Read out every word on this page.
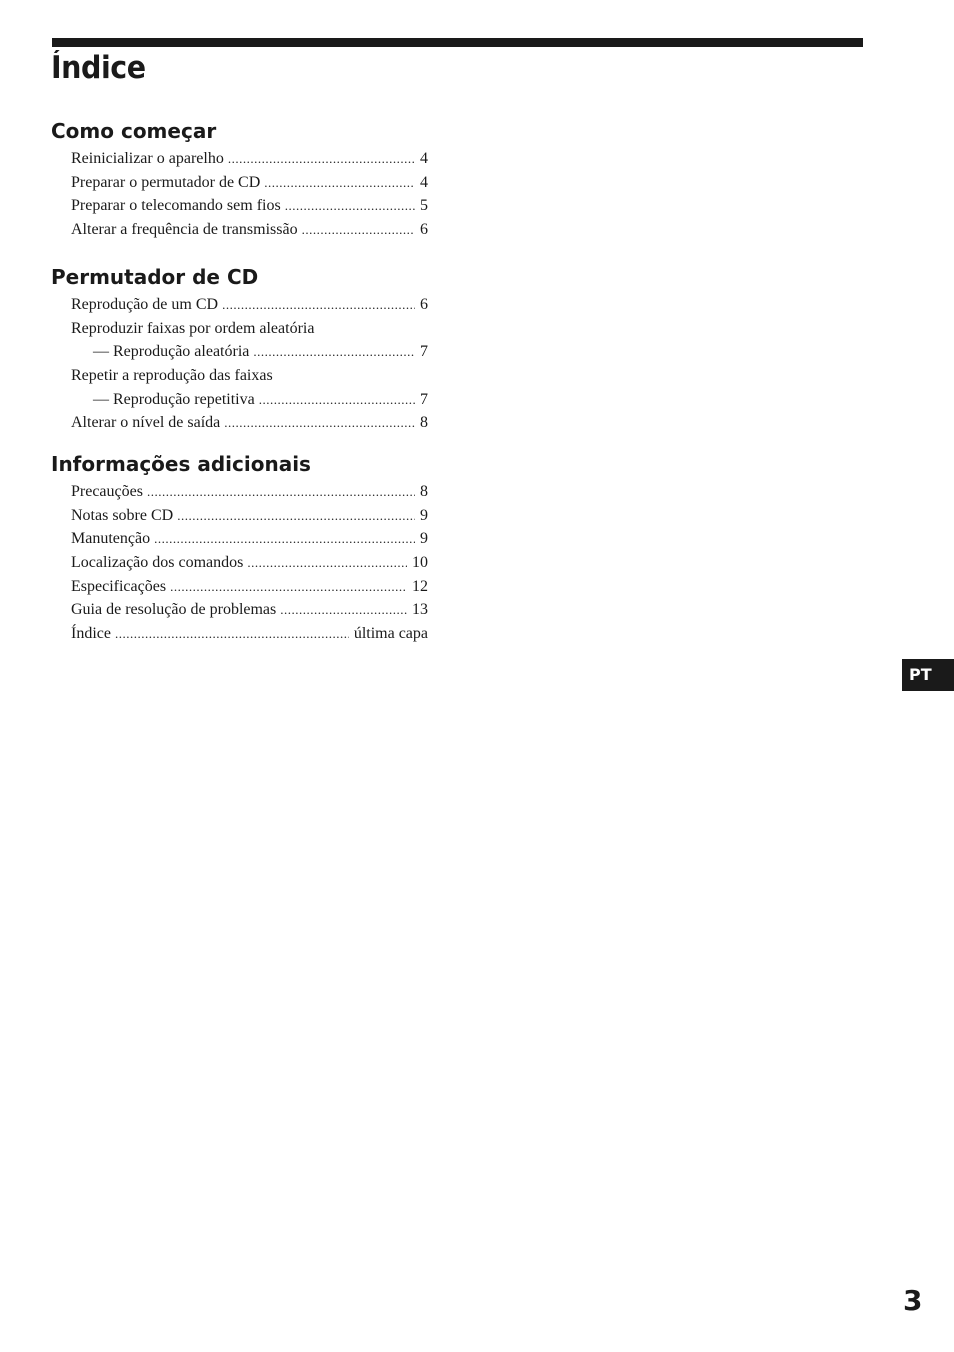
Índice
Como começar
Reinicializar o aparelho .....	4
Preparar o permutador de CD .....	4
Preparar o telecomando sem fios .....	5
Alterar a frequência de transmissão .....	6
Permutador de CD
Reprodução de um CD .....	6
Reproduzir faixas por ordem aleatória
— Reprodução aleatória .....	7
Repetir a reprodução das faixas
— Reprodução repetitiva .....	7
Alterar o nível de saída .....	8
Informações adicionais
Precauções .....	8
Notas sobre CD .....	9
Manutenção .....	9
Localização dos comandos .....	10
Especificações .....	12
Guia de resolução de problemas .....	13
Índice .....	última capa
PT
3
